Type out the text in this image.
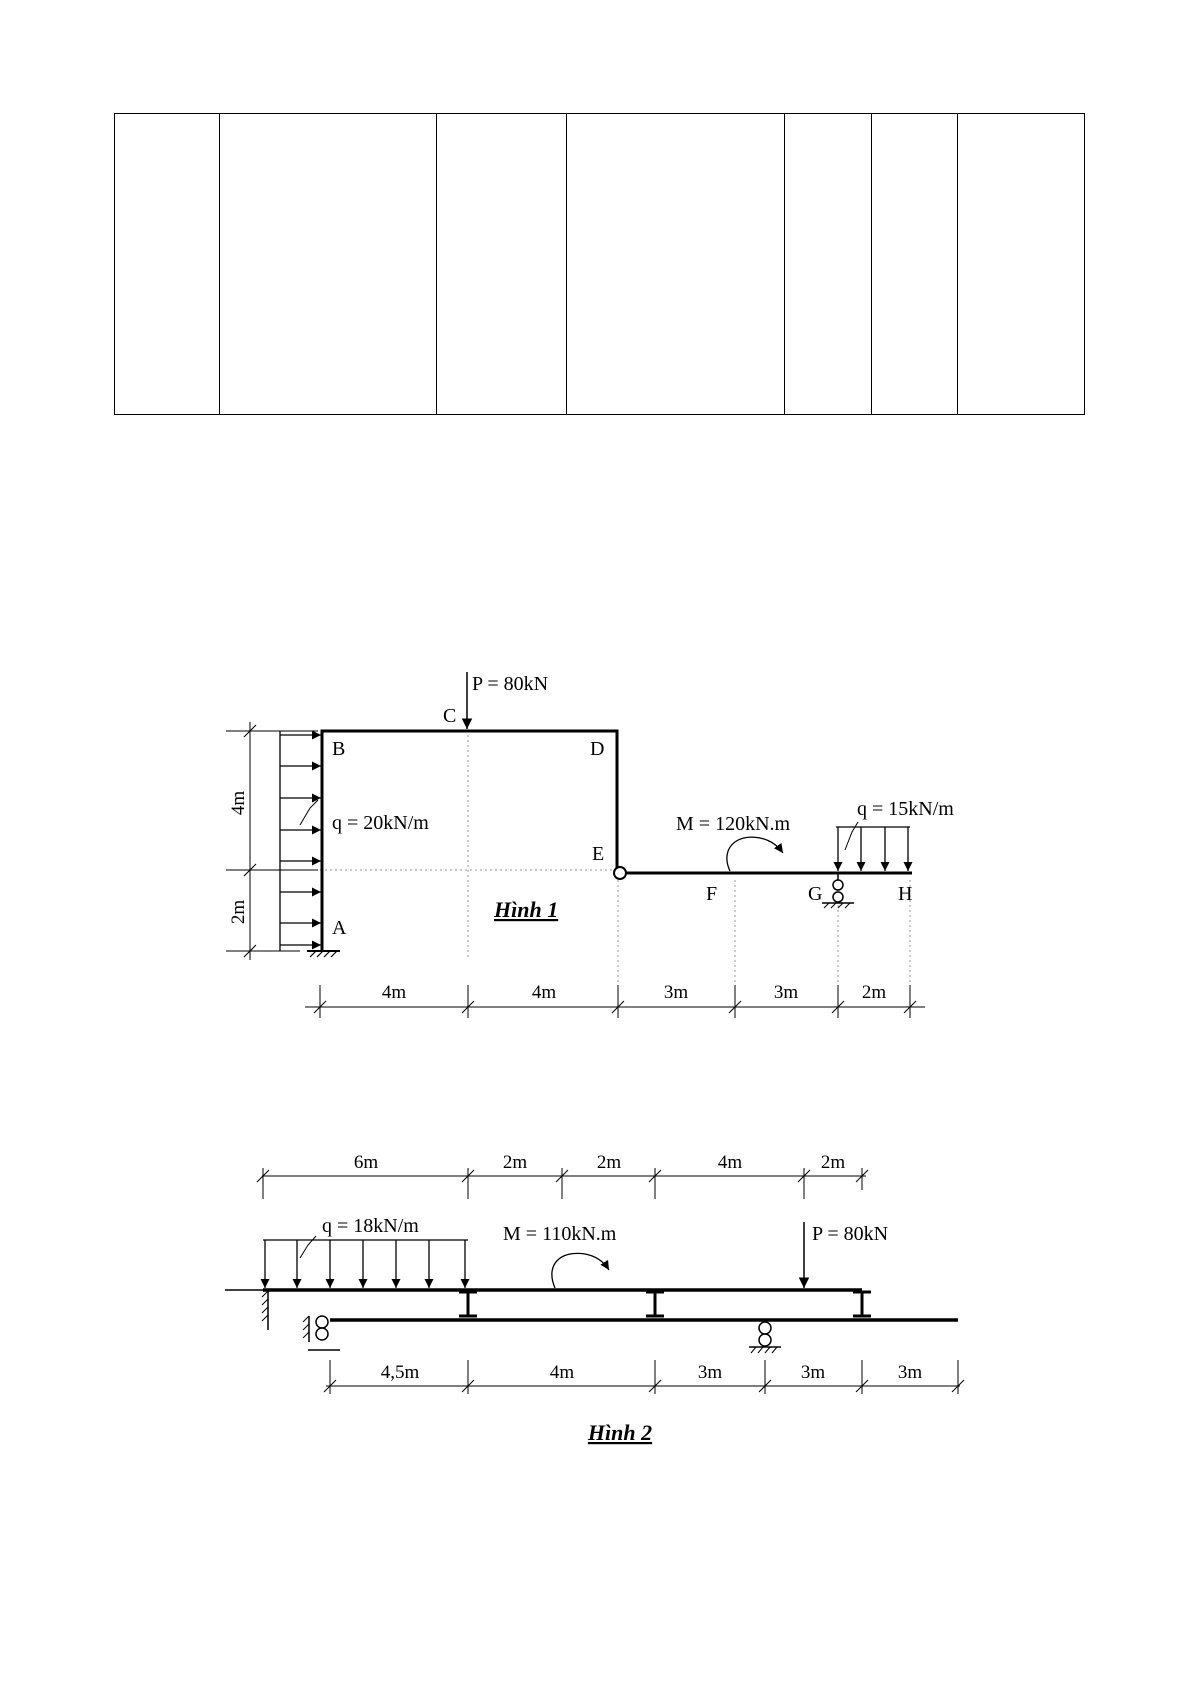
P = 80kN
C
B	D
E
A
F	G	H
q = 20kN/m	M = 120kN.m
q = 15kN/m
Hình 1
4m
2m
4m	4m	3m	3m	2m
6m	2m	2m	4m	2m
q = 18kN/m	M = 110kN.m	P = 80kN
4,5m	4m	3m	3m	3m
Hình 2
